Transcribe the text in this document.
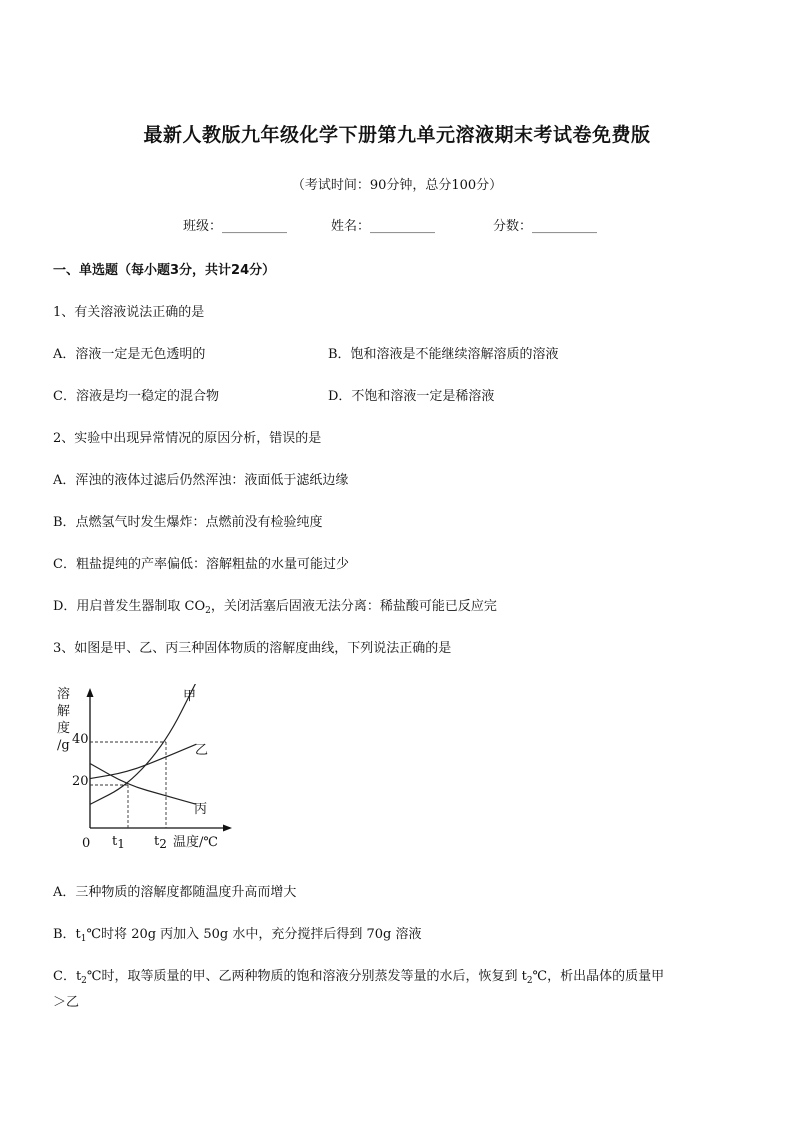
最新人教版九年级化学下册第九单元溶液期末考试卷免费版
（考试时间：90分钟，总分100分）
班级：__________	姓名：__________	分数：__________
一、单选题（每小题3分，共计24分）
1、有关溶液说法正确的是
A．溶液一定是无色透明的	B．饱和溶液是不能继续溶解溶质的溶液
C．溶液是均一稳定的混合物	D．不饱和溶液一定是稀溶液
2、实验中出现异常情况的原因分析，错误的是
A．浑浊的液体过滤后仍然浑浊：液面低于滤纸边缘
B．点燃氢气时发生爆炸：点燃前没有检验纯度
C．粗盐提纯的产率偏低：溶解粗盐的水量可能过少
D．用启普发生器制取 $CO_2$，关闭活塞后固液无法分离：稀盐酸可能已反应完
3、如图是甲、乙、丙三种固体物质的溶解度曲线，下列说法正确的是
溶
解
度
/g
20
40
0 t1 t2 温度/℃
甲
乙
丙
A．三种物质的溶解度都随温度升高而增大
B．$t_1℃$时将 20g 丙加入 50g 水中，充分搅拌后得到 70g 溶液
C．$t_2℃$时，取等质量的甲、乙两种物质的饱和溶液分别蒸发等量的水后，恢复到 $t_2℃$，析出晶体的质量甲
＞乙
